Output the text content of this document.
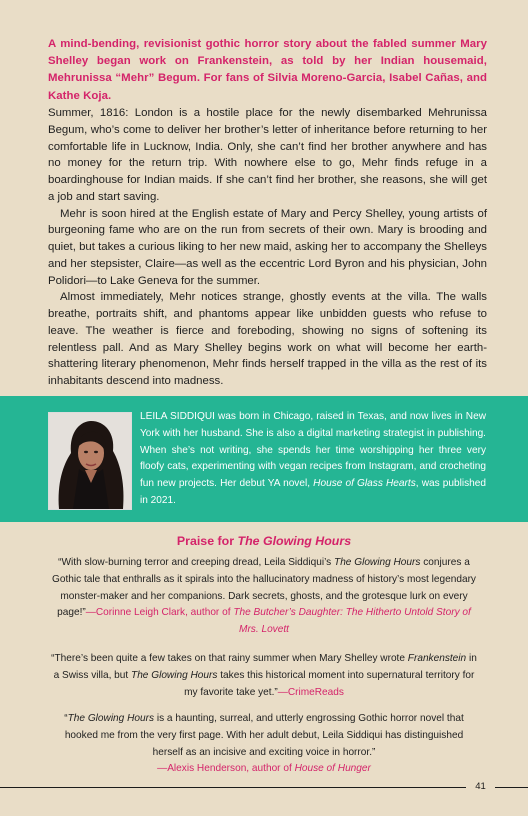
A mind-bending, revisionist gothic horror story about the fabled summer Mary Shelley began work on Frankenstein, as told by her Indian housemaid, Mehrunissa “Mehr” Begum. For fans of Silvia Moreno-Garcia, Isabel Cañas, and Kathe Koja.

Summer, 1816: London is a hostile place for the newly disembarked Mehrunissa Begum, who’s come to deliver her brother’s letter of inheritance before returning to her comfortable life in Lucknow, India. Only, she can’t find her brother anywhere and has no money for the return trip. With nowhere else to go, Mehr finds refuge in a boardinghouse for Indian maids. If she can’t find her brother, she reasons, she will get a job and start saving.

Mehr is soon hired at the English estate of Mary and Percy Shelley, young artists of burgeoning fame who are on the run from secrets of their own. Mary is brooding and quiet, but takes a curious liking to her new maid, asking her to accompany the Shelleys and her stepsister, Claire—as well as the eccentric Lord Byron and his physician, John Polidori—to Lake Geneva for the summer.

Almost immediately, Mehr notices strange, ghostly events at the villa. The walls breathe, portraits shift, and phantoms appear like unbidden guests who refuse to leave. The weather is fierce and foreboding, showing no signs of softening its relentless pall. And as Mary Shelley begins work on what will become her earth-shattering literary phenomenon, Mehr finds herself trapped in the villa as the rest of its inhabitants descend into madness.

LEILA SIDDIQUI was born in Chicago, raised in Texas, and now lives in New York with her husband. She is also a digital marketing strategist in publishing. When she’s not writing, she spends her time worshipping her three very floofy cats, experimenting with vegan recipes from Instagram, and crocheting fun new projects. Her debut YA novel, House of Glass Hearts, was published in 2021.

Praise for The Glowing Hours

“With slow-burning terror and creeping dread, Leila Siddiqui’s The Glowing Hours conjures a Gothic tale that enthralls as it spirals into the hallucinatory madness of history’s most legendary monster-maker and her companions. Dark secrets, ghosts, and the grotesque lurk on every page!”—Corinne Leigh Clark, author of The Butcher’s Daughter: The Hitherto Untold Story of Mrs. Lovett

“There’s been quite a few takes on that rainy summer when Mary Shelley wrote Frankenstein in a Swiss villa, but The Glowing Hours takes this historical moment into supernatural territory for my favorite take yet.”—CrimeReads

“The Glowing Hours is a haunting, surreal, and utterly engrossing Gothic horror novel that hooked me from the very first page. With her adult debut, Leila Siddiqui has distinguished herself as an incisive and exciting voice in horror.”
—Alexis Henderson, author of House of Hunger

41
